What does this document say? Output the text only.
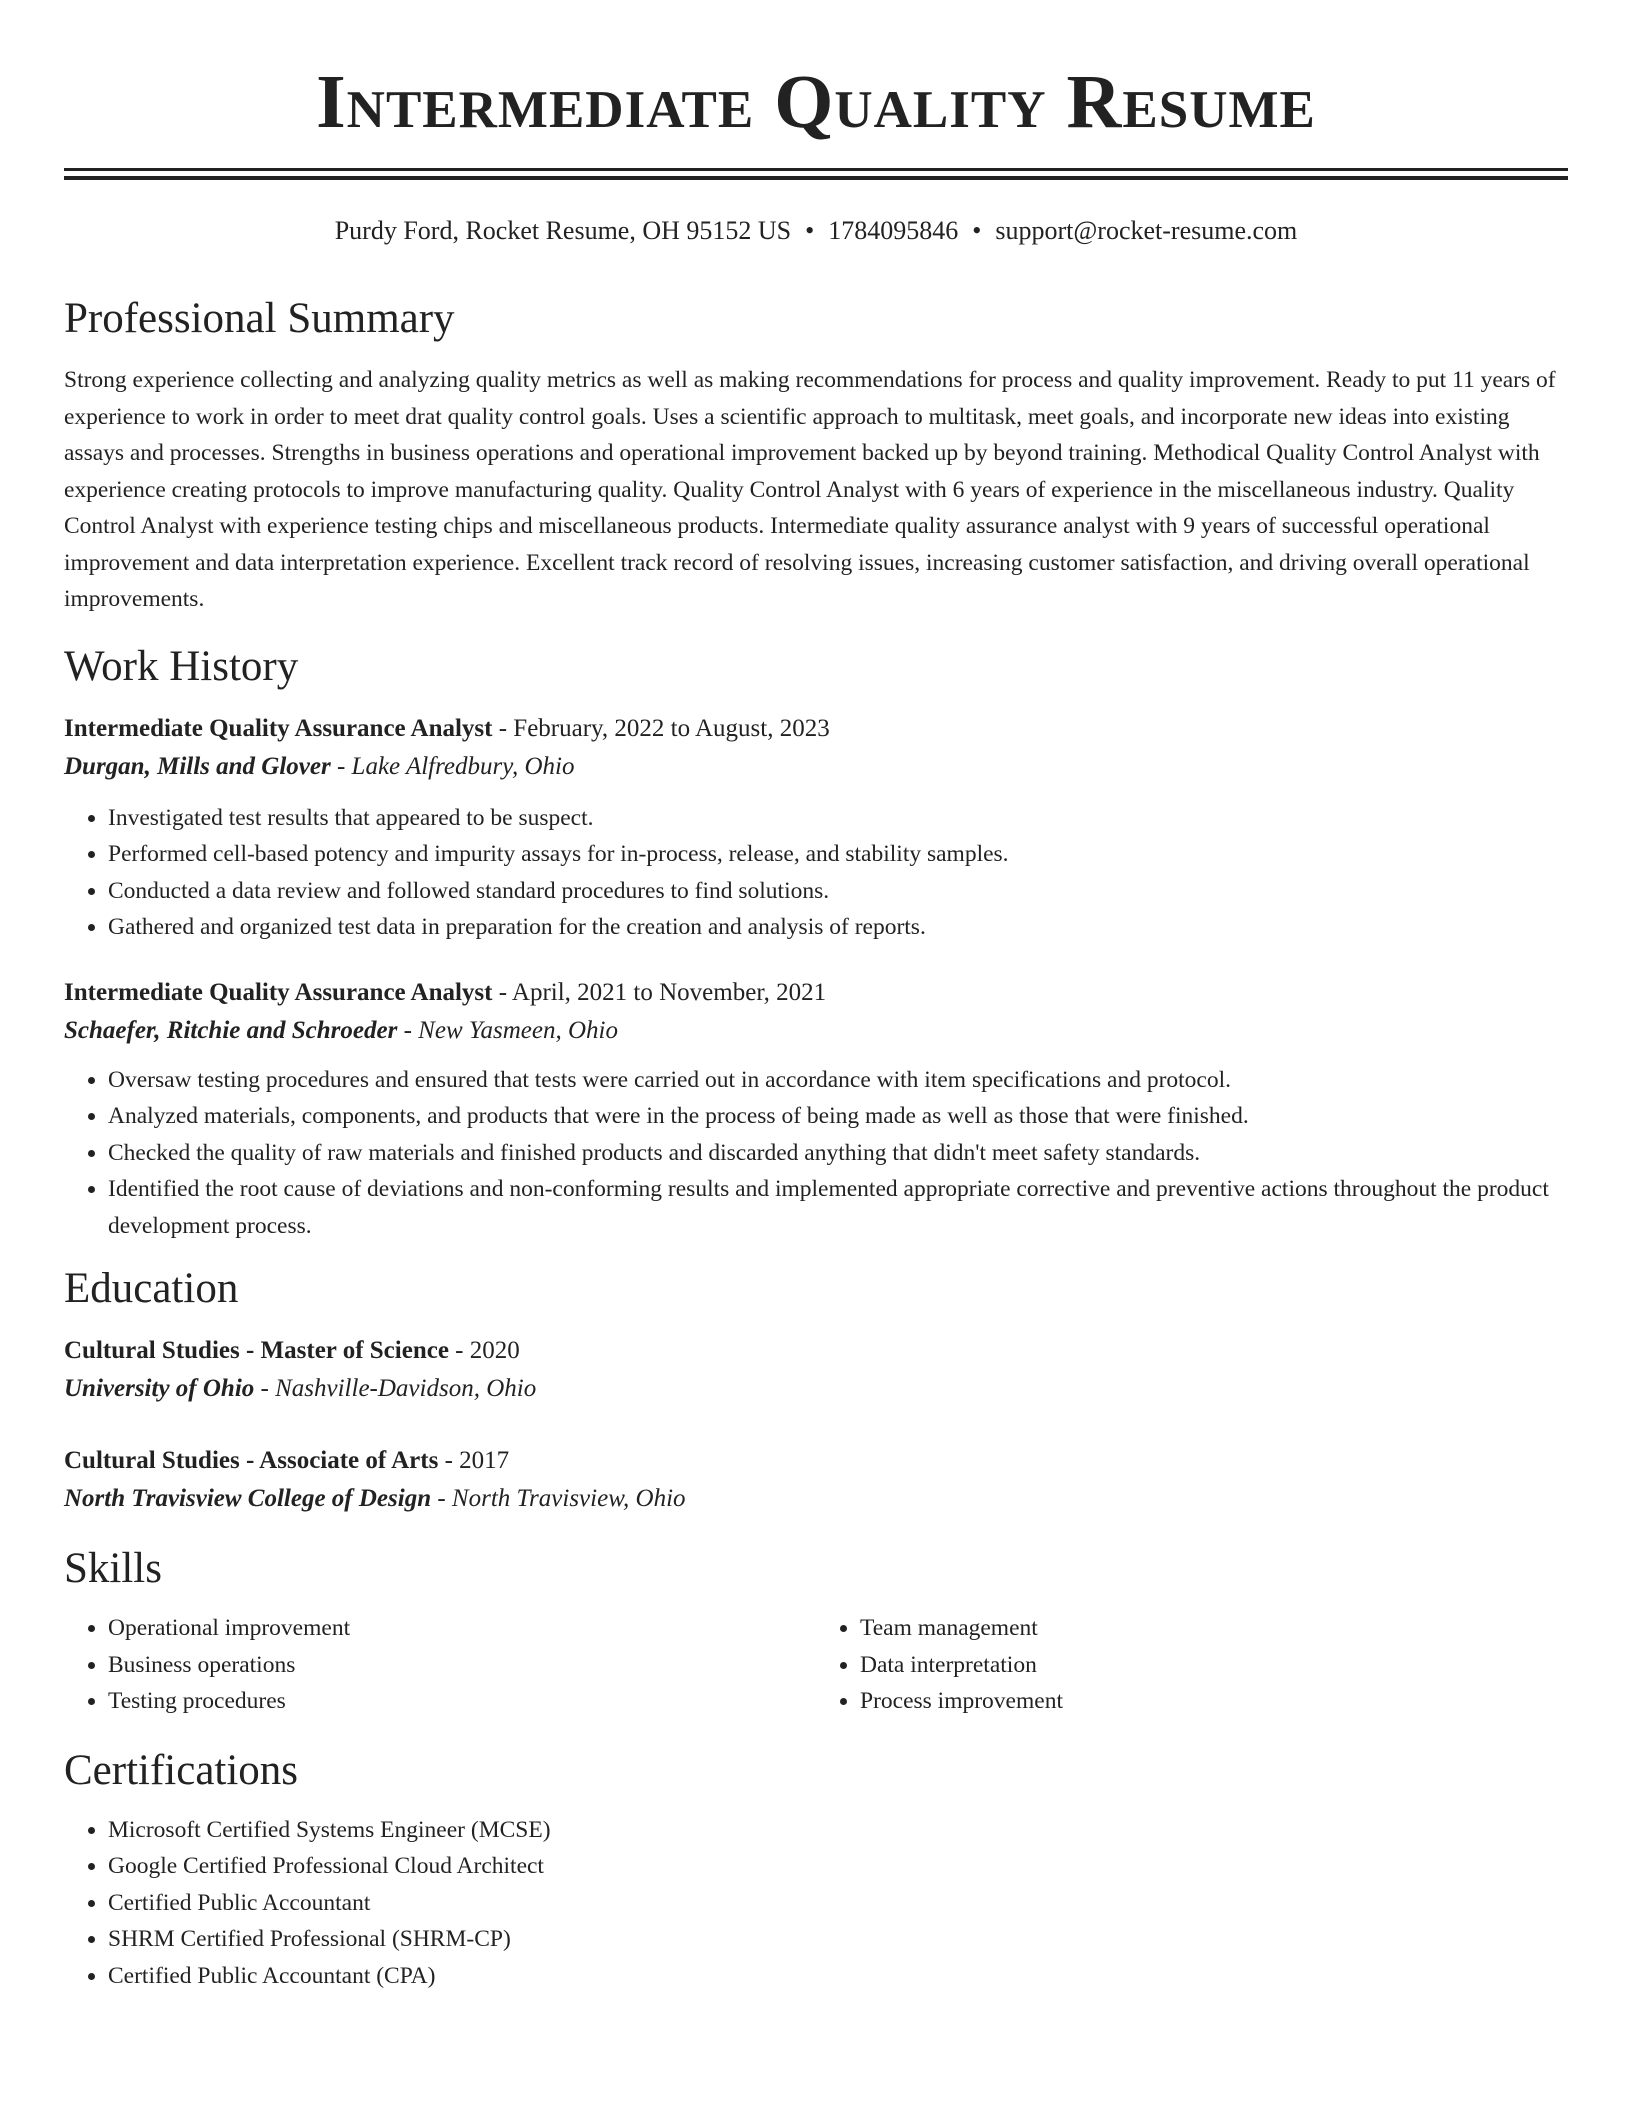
Intermediate Quality Resume
Purdy Ford, Rocket Resume, OH 95152 US • 1784095846 • support@rocket-resume.com
Professional Summary
Strong experience collecting and analyzing quality metrics as well as making recommendations for process and quality improvement. Ready to put 11 years of experience to work in order to meet drat quality control goals. Uses a scientific approach to multitask, meet goals, and incorporate new ideas into existing assays and processes. Strengths in business operations and operational improvement backed up by beyond training. Methodical Quality Control Analyst with experience creating protocols to improve manufacturing quality. Quality Control Analyst with 6 years of experience in the miscellaneous industry. Quality Control Analyst with experience testing chips and miscellaneous products. Intermediate quality assurance analyst with 9 years of successful operational improvement and data interpretation experience. Excellent track record of resolving issues, increasing customer satisfaction, and driving overall operational improvements.
Work History
Intermediate Quality Assurance Analyst - February, 2022 to August, 2023
Durgan, Mills and Glover - Lake Alfredbury, Ohio
• Investigated test results that appeared to be suspect.
• Performed cell-based potency and impurity assays for in-process, release, and stability samples.
• Conducted a data review and followed standard procedures to find solutions.
• Gathered and organized test data in preparation for the creation and analysis of reports.
Intermediate Quality Assurance Analyst - April, 2021 to November, 2021
Schaefer, Ritchie and Schroeder - New Yasmeen, Ohio
• Oversaw testing procedures and ensured that tests were carried out in accordance with item specifications and protocol.
• Analyzed materials, components, and products that were in the process of being made as well as those that were finished.
• Checked the quality of raw materials and finished products and discarded anything that didn't meet safety standards.
• Identified the root cause of deviations and non-conforming results and implemented appropriate corrective and preventive actions throughout the product development process.
Education
Cultural Studies - Master of Science - 2020
University of Ohio - Nashville-Davidson, Ohio
Cultural Studies - Associate of Arts - 2017
North Travisview College of Design - North Travisview, Ohio
Skills
• Operational improvement
• Business operations
• Testing procedures
• Team management
• Data interpretation
• Process improvement
Certifications
• Microsoft Certified Systems Engineer (MCSE)
• Google Certified Professional Cloud Architect
• Certified Public Accountant
• SHRM Certified Professional (SHRM-CP)
• Certified Public Accountant (CPA)
